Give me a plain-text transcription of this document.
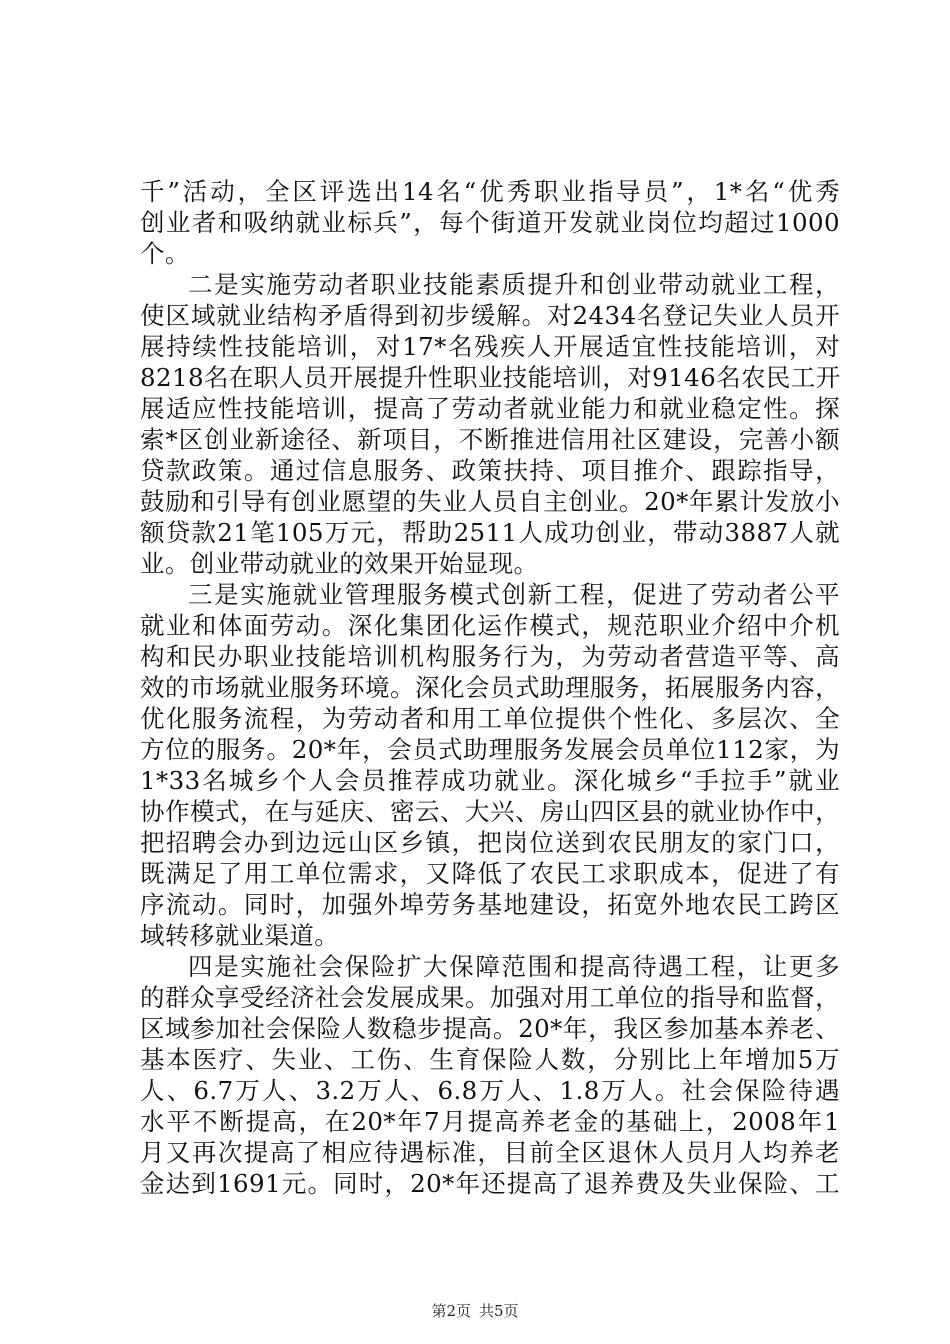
千”活动，全区评选出14名“优秀职业指导员”，1*名“优秀
创业者和吸纳就业标兵”，每个街道开发就业岗位均超过1000
个。
二是实施劳动者职业技能素质提升和创业带动就业工程，
使区域就业结构矛盾得到初步缓解。对2434名登记失业人员开
展持续性技能培训，对17*名残疾人开展适宜性技能培训，对
8218名在职人员开展提升性职业技能培训，对9146名农民工开
展适应性技能培训，提高了劳动者就业能力和就业稳定性。探
索*区创业新途径、新项目，不断推进信用社区建设，完善小额
贷款政策。通过信息服务、政策扶持、项目推介、跟踪指导，
鼓励和引导有创业愿望的失业人员自主创业。20*年累计发放小
额贷款21笔105万元，帮助2511人成功创业，带动3887人就
业。创业带动就业的效果开始显现。
三是实施就业管理服务模式创新工程，促进了劳动者公平
就业和体面劳动。深化集团化运作模式，规范职业介绍中介机
构和民办职业技能培训机构服务行为，为劳动者营造平等、高
效的市场就业服务环境。深化会员式助理服务，拓展服务内容，
优化服务流程，为劳动者和用工单位提供个性化、多层次、全
方位的服务。20*年，会员式助理服务发展会员单位112家，为
1*33名城乡个人会员推荐成功就业。深化城乡“手拉手”就业
协作模式，在与延庆、密云、大兴、房山四区县的就业协作中，
把招聘会办到边远山区乡镇，把岗位送到农民朋友的家门口，
既满足了用工单位需求，又降低了农民工求职成本，促进了有
序流动。同时，加强外埠劳务基地建设，拓宽外地农民工跨区
域转移就业渠道。
四是实施社会保险扩大保障范围和提高待遇工程，让更多
的群众享受经济社会发展成果。加强对用工单位的指导和监督，
区域参加社会保险人数稳步提高。20*年，我区参加基本养老、
基本医疗、失业、工伤、生育保险人数，分别比上年增加5万
人、6.7万人、3.2万人、6.8万人、1.8万人。社会保险待遇
水平不断提高，在20*年7月提高养老金的基础上，2008年1
月又再次提高了相应待遇标准，目前全区退休人员月人均养老
金达到1691元。同时，20*年还提高了退养费及失业保险、工
第2页 共5页
